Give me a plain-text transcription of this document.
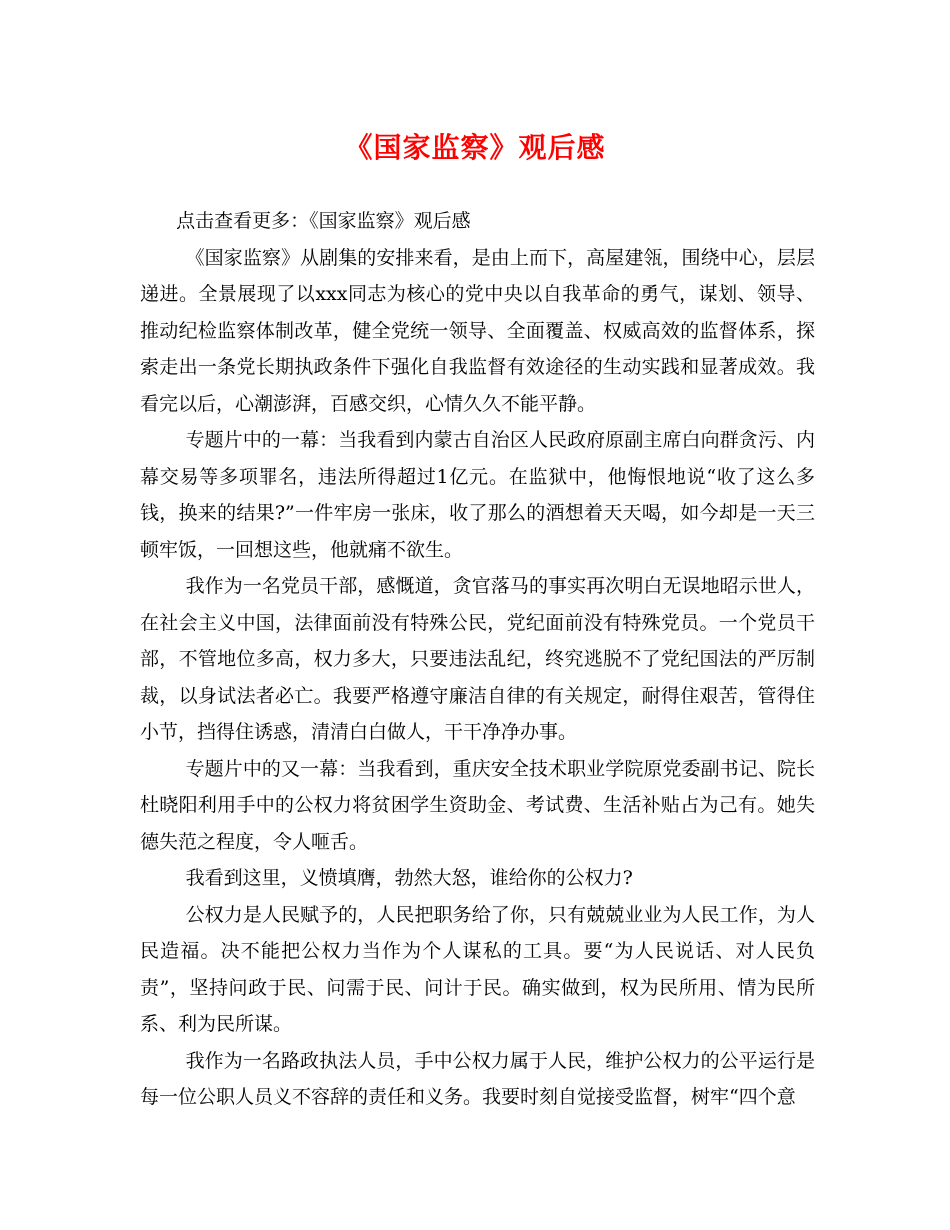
《国家监察》观后感

点击查看更多：《国家监察》观后感

《国家监察》从剧集的安排来看，是由上而下，高屋建瓴，围绕中心，层层递进。全景展现了以xxx同志为核心的党中央以自我革命的勇气，谋划、领导、推动纪检监察体制改革，健全党统一领导、全面覆盖、权威高效的监督体系，探索走出一条党长期执政条件下强化自我监督有效途径的生动实践和显著成效。我看完以后，心潮澎湃，百感交织，心情久久不能平静。

专题片中的一幕：当我看到内蒙古自治区人民政府原副主席白向群贪污、内幕交易等多项罪名，违法所得超过1亿元。在监狱中，他悔恨地说“收了这么多钱，换来的结果?”一件牢房一张床，收了那么的酒想着天天喝，如今却是一天三顿牢饭，一回想这些，他就痛不欲生。

我作为一名党员干部，感慨道，贪官落马的事实再次明白无误地昭示世人，在社会主义中国，法律面前没有特殊公民，党纪面前没有特殊党员。一个党员干部，不管地位多高，权力多大，只要违法乱纪，终究逃脱不了党纪国法的严厉制裁，以身试法者必亡。我要严格遵守廉洁自律的有关规定，耐得住艰苦，管得住小节，挡得住诱惑，清清白白做人，干干净净办事。

专题片中的又一幕：当我看到，重庆安全技术职业学院原党委副书记、院长杜晓阳利用手中的公权力将贫困学生资助金、考试费、生活补贴占为己有。她失德失范之程度，令人咂舌。

我看到这里，义愤填膺，勃然大怒，谁给你的公权力?

公权力是人民赋予的，人民把职务给了你，只有兢兢业业为人民工作，为人民造福。决不能把公权力当作为个人谋私的工具。要“为人民说话、对人民负责”，坚持问政于民、问需于民、问计于民。确实做到，权为民所用、情为民所系、利为民所谋。

我作为一名路政执法人员，手中公权力属于人民，维护公权力的公平运行是每一位公职人员义不容辞的责任和义务。我要时刻自觉接受监督，树牢“四个意
